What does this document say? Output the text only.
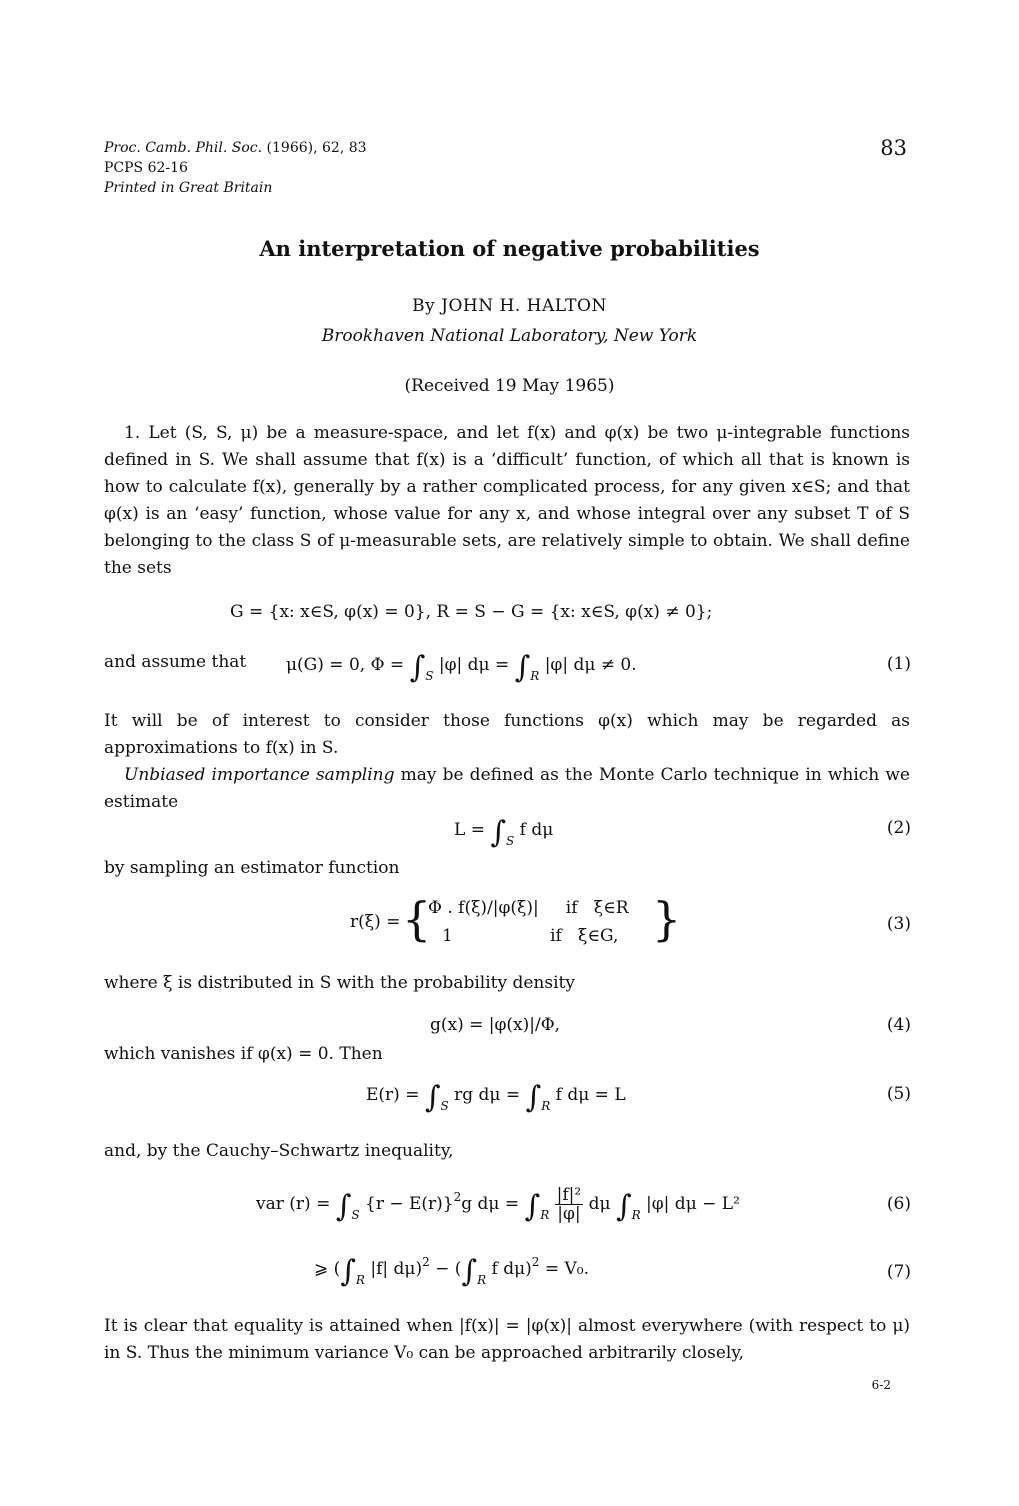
Proc. Camb. Phil. Soc. (1966), 62, 83
PCPS 62-16
Printed in Great Britain
83
An interpretation of negative probabilities
By JOHN H. HALTON
Brookhaven National Laboratory, New York
(Received 19 May 1965)
1. Let (S, S, μ) be a measure-space, and let f(x) and φ(x) be two μ-integrable functions defined in S. We shall assume that f(x) is a ‘difficult’ function, of which all that is known is how to calculate f(x), generally by a rather complicated process, for any given x∈S; and that φ(x) is an ‘easy’ function, whose value for any x, and whose integral over any subset T of S belonging to the class S of μ-measurable sets, are relatively simple to obtain. We shall define the sets
G = {x: x∈S, φ(x) = 0}, R = S − G = {x: x∈S, φ(x) ≠ 0};
and assume that μ(G) = 0, $\Phi = \int_S$ |φ| $d\mu = \int_R$ |φ| dμ ≠ 0.	(1)
It will be of interest to consider those functions φ(x) which may be regarded as approximations to f(x) in S.
Unbiased importance sampling may be defined as the Monte Carlo technique in which we estimate
$L = \int_S$ f dμ	(2)
by sampling an estimator function
r(ξ) = {
Φ . f(ξ)/|φ(ξ)|     if   ξ∈R
1                  if   ξ∈G, }	(3)
where ξ is distributed in S with the probability density
g(x) = |φ(x)|/Φ,	(4)
which vanishes if φ(x) = 0. Then
$E(r) = \int_S$ rg $d\mu = \int_R$ f dμ = L	(5)
and, by the Cauchy–Schwartz inequality,
var $(r) = \int_S$ $\{r - E(r)\}^2g$ $d\mu = \int_R \frac{\text{|f|²}}{|\varphi|}$ dμ $\int_R$ |φ| dμ − L²	(6)
⩾ ($\int_R$ |f| $d\mu)^2 - (\int_R$ f dμ)$^2$ = V₀.	(7)
It is clear that equality is attained when |f(x)| = |φ(x)| almost everywhere (with respect to μ) in S. Thus the minimum variance V₀ can be approached arbitrarily closely,
6-2
